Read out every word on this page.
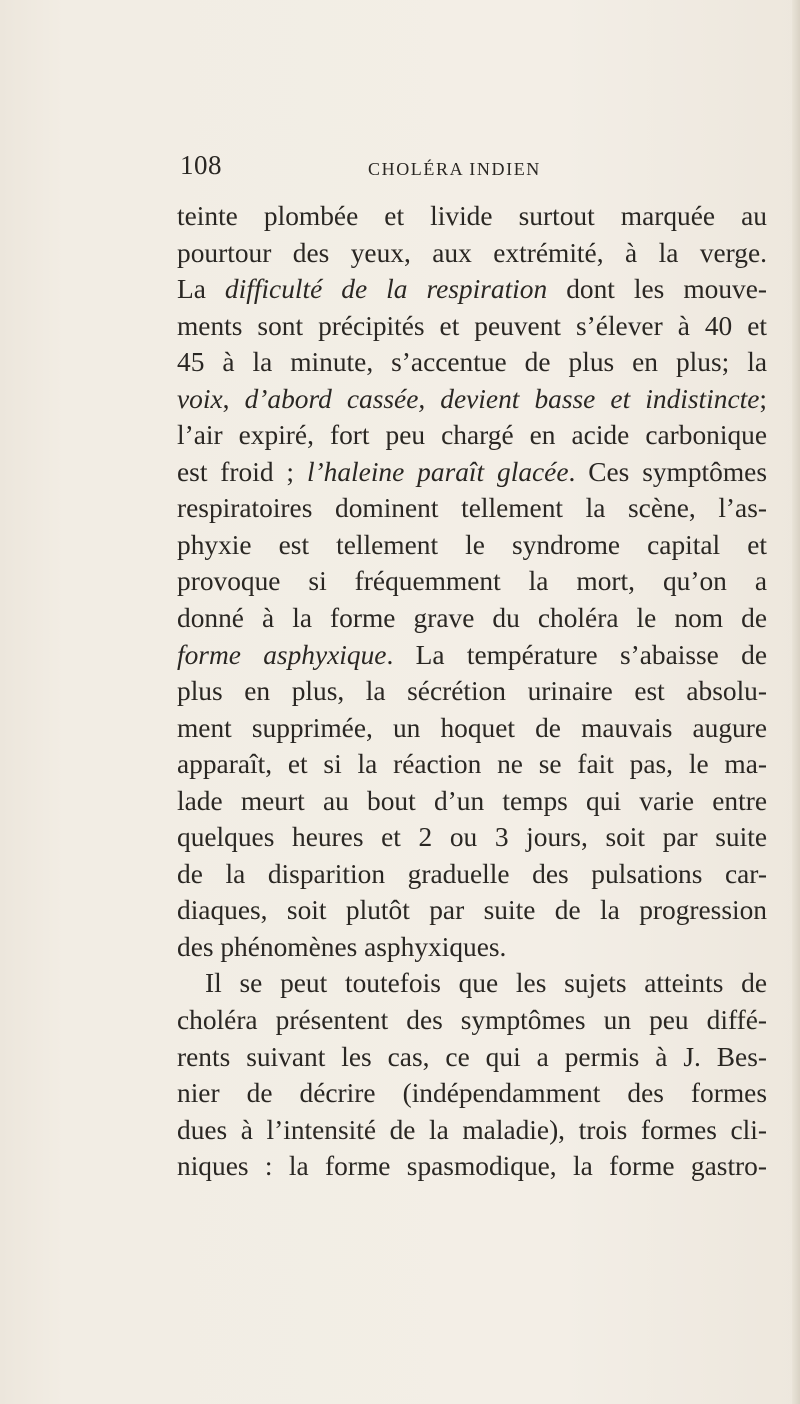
108	CHOLÉRA INDIEN
teinte plombée et livide surtout marquée au
pourtour des yeux, aux extrémité, à la verge.
La difficulté de la respiration dont les mouve-
ments sont précipités et peuvent s’élever à 40 et
45 à la minute, s’accentue de plus en plus; la
voix, d’abord cassée, devient basse et indistincte;
l’air expiré, fort peu chargé en acide carbonique
est froid ; l’haleine paraît glacée. Ces symptômes
respiratoires dominent tellement la scène, l’as-
phyxie est tellement le syndrome capital et
provoque si fréquemment la mort, qu’on a
donné à la forme grave du choléra le nom de
forme asphyxique. La température s’abaisse de
plus en plus, la sécrétion urinaire est absolu-
ment supprimée, un hoquet de mauvais augure
apparaît, et si la réaction ne se fait pas, le ma-
lade meurt au bout d’un temps qui varie entre
quelques heures et 2 ou 3 jours, soit par suite
de la disparition graduelle des pulsations car-
diaques, soit plutôt par suite de la progression
des phénomènes asphyxiques.
Il se peut toutefois que les sujets atteints de
choléra présentent des symptômes un peu diffé-
rents suivant les cas, ce qui a permis à J. Bes-
nier de décrire (indépendamment des formes
dues à l’intensité de la maladie), trois formes cli-
niques : la forme spasmodique, la forme gastro-
